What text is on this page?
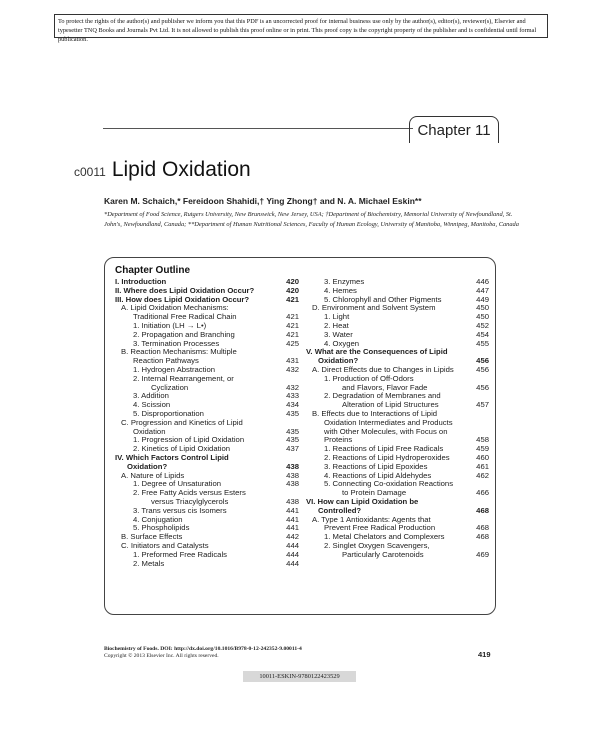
To protect the rights of the author(s) and publisher we inform you that this PDF is an uncorrected proof for internal business use only by the author(s), editor(s), reviewer(s), Elsevier and typesetter TNQ Books and Journals Pvt Ltd. It is not allowed to publish this proof online or in print. This proof copy is the copyright property of the publisher and is confidential until formal publication.
Chapter 11
c0011 Lipid Oxidation
Karen M. Schaich,* Fereidoon Shahidi,† Ying Zhong† and N. A. Michael Eskin**
*Department of Food Science, Rutgers University, New Brunswick, New Jersey, USA; †Department of Biochemistry, Memorial University of Newfoundland, St. John's, Newfoundland, Canada; **Department of Human Nutritional Sciences, Faculty of Human Ecology, University of Manitoba, Winnipeg, Manitoba, Canada
Chapter Outline
I. Introduction	420
II. Where does Lipid Oxidation Occur?	420
III. How does Lipid Oxidation Occur?	421
A. Lipid Oxidation Mechanisms:
Traditional Free Radical Chain	421
1. Initiation (LH → L•)	421
2. Propagation and Branching	421
3. Termination Processes	425
B. Reaction Mechanisms: Multiple
Reaction Pathways	431
1. Hydrogen Abstraction	432
2. Internal Rearrangement, or
Cyclization	432
3. Addition	433
4. Scission	434
5. Disproportionation	435
C. Progression and Kinetics of Lipid
Oxidation	435
1. Progression of Lipid Oxidation	435
2. Kinetics of Lipid Oxidation	437
IV. Which Factors Control Lipid
Oxidation?	438
A. Nature of Lipids	438
1. Degree of Unsaturation	438
2. Free Fatty Acids versus Esters
versus Triacylglycerols	438
3. Trans versus cis Isomers	441
4. Conjugation	441
5. Phospholipids	441
B. Surface Effects	442
C. Initiators and Catalysts	444
1. Preformed Free Radicals	444
2. Metals	444
3. Enzymes	446
4. Hemes	447
5. Chlorophyll and Other Pigments	449
D. Environment and Solvent System	450
1. Light	450
2. Heat	452
3. Water	454
4. Oxygen	455
V. What are the Consequences of Lipid
Oxidation?	456
A. Direct Effects due to Changes in Lipids	456
1. Production of Off-Odors
and Flavors, Flavor Fade	456
2. Degradation of Membranes and
Alteration of Lipid Structures	457
B. Effects due to Interactions of Lipid
Oxidation Intermediates and Products
with Other Molecules, with Focus on
Proteins	458
1. Reactions of Lipid Free Radicals	459
2. Reactions of Lipid Hydroperoxides	460
3. Reactions of Lipid Epoxides	461
4. Reactions of Lipid Aldehydes	462
5. Connecting Co-oxidation Reactions
to Protein Damage	466
VI. How can Lipid Oxidation be
Controlled?	468
A. Type 1 Antioxidants: Agents that
Prevent Free Radical Production	468
1. Metal Chelators and Complexers	468
2. Singlet Oxygen Scavengers,
Particularly Carotenoids	469
Biochemistry of Foods. DOI: http://dx.doi.org/10.1016/B978-0-12-242352-9.00011-4
Copyright © 2013 Elsevier Inc. All rights reserved.	419
10011-ESKIN-9780122423529
